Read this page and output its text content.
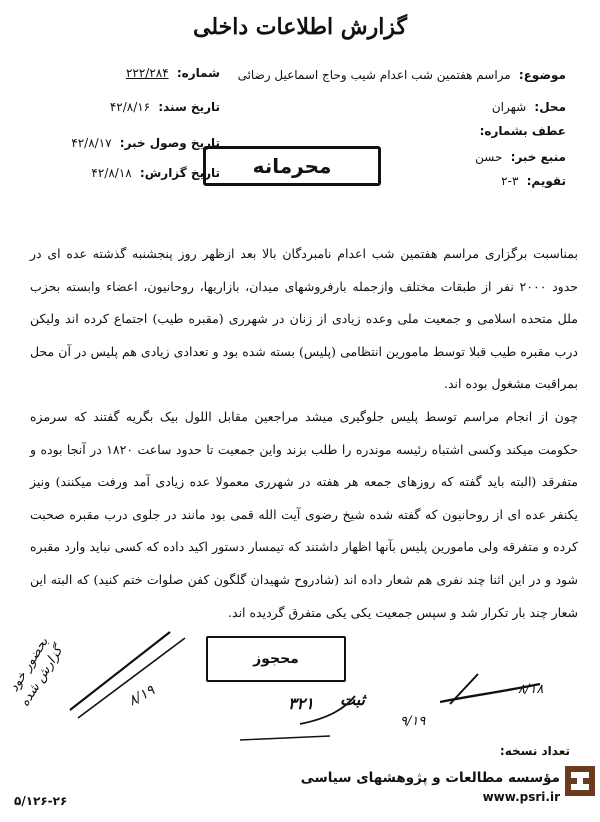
گزارش اطلاعات داخلی
شماره: ۲۲۲/۲۸۴
تاریخ سند: ۴۲/۸/۱۶
تاریخ وصول خبر: ۴۲/۸/۱۷
تاریخ گزارش: ۴۲/۸/۱۸
موضوع: مراسم هفتمین شب اعدام شیب وحاج اسماعیل رضائی
محل: شهران
عطف بشماره:
منبع خبر: حسن
تقویم: ۳-۲
محرمانه

بمناسبت برگزاری مراسم هفتمین شب اعدام نامبردگان بالا بعد ازظهر روز پنجشنبه گذشته عده ای در حدود ۲۰۰۰ نفر از طبقات مختلف وازجمله بارفروشهای میدان، بازاریها، روحانیون، اعضاء وابسته بحزب ملل متحده اسلامی و جمعیت ملی وعده زیادی از زنان در شهرری (مقبره طیب) اجتماع کرده اند ولیکن درب مقبره طیب قبلا توسط مامورین انتظامی (پلیس) بسته شده بود و تعدادی زیادی هم پلیس در آن محل بمراقبت مشغول بوده اند.

چون از انجام مراسم توسط پلیس جلوگیری میشد مراجعین مقابل اللول بیک بگریه گفتند که سرمزه حکومت میکند وکسی اشتباه رئیسه موندره را طلب بزند واین جمعیت تا حدود ساعت ۱۸۲۰ در آنجا بوده و متفرقد (البته باید گفته که روزهای جمعه هر هفته در شهرری معمولا عده زیادی آمد ورفت میکنند) ونیز یکنفر عده ای از روحانیون که گفته شده شیخ رضوی آیت الله قمی بود مانند در جلوی درب مقبره صحبت کرده و متفرقه ولی مامورین پلیس بآنها اظهار داشتند که تیمسار دستور اکید داده که کسی نباید وارد مقبره شود و در این اثنا چند نفری هم شعار داده اند (شادروح شهیدان گلگون کفن صلوات ختم کنید) که البته این شعار چند بار تکرار شد و سپس جمعیت یکی یکی متفرق گردیده اند.

محجوز
بحضور خود گزارش شده	۸/۱۹	۳۲۱ ثبت
۹/۱۹
۸/۱۸
تعداد نسخه:
۵/۱۲۶-۲۶
مؤسسه مطالعات و پژوهشهای سیاسی
www.psri.ir
